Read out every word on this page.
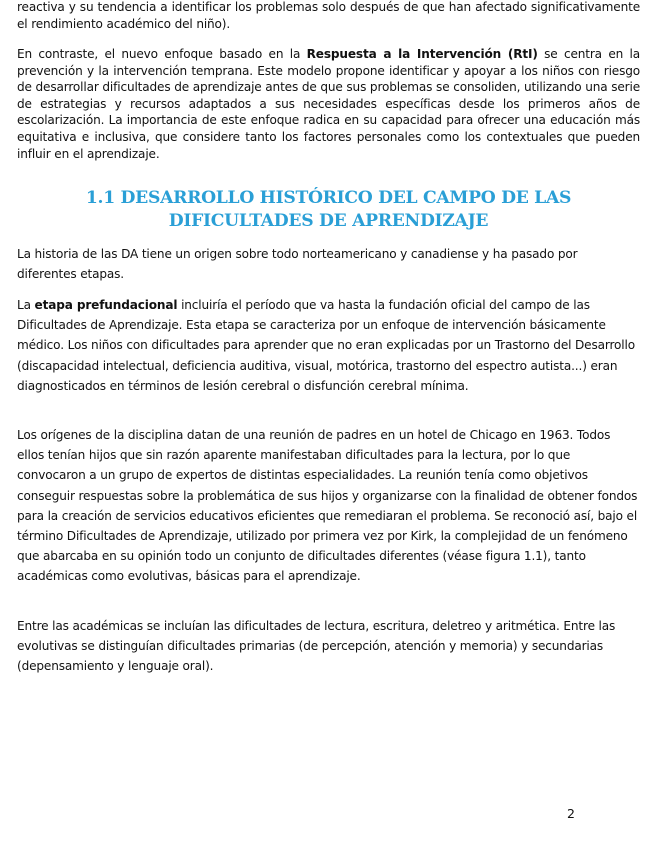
reactiva y su tendencia a identificar los problemas solo después de que han afectado significativamente el rendimiento académico del niño).

En contraste, el nuevo enfoque basado en la Respuesta a la Intervención (RtI) se centra en la prevención y la intervención temprana. Este modelo propone identificar y apoyar a los niños con riesgo de desarrollar dificultades de aprendizaje antes de que sus problemas se consoliden, utilizando una serie de estrategias y recursos adaptados a sus necesidades específicas desde los primeros años de escolarización. La importancia de este enfoque radica en su capacidad para ofrecer una educación más equitativa e inclusiva, que considere tanto los factores personales como los contextuales que pueden influir en el aprendizaje.

1.1 DESARROLLO HISTÓRICO DEL CAMPO DE LAS DIFICULTADES DE APRENDIZAJE

La historia de las DA tiene un origen sobre todo norteamericano y canadiense y ha pasado por diferentes etapas.

La etapa prefundacional incluiría el período que va hasta la fundación oficial del campo de las Dificultades de Aprendizaje. Esta etapa se caracteriza por un enfoque de intervención básicamente médico. Los niños con dificultades para aprender que no eran explicadas por un Trastorno del Desarrollo (discapacidad intelectual, deficiencia auditiva, visual, motórica, trastorno del espectro autista...) eran diagnosticados en términos de lesión cerebral o disfunción cerebral mínima.

Los orígenes de la disciplina datan de una reunión de padres en un hotel de Chicago en 1963. Todos ellos tenían hijos que sin razón aparente manifestaban dificultades para la lectura, por lo que convocaron a un grupo de expertos de distintas especialidades. La reunión tenía como objetivos conseguir respuestas sobre la problemática de sus hijos y organizarse con la finalidad de obtener fondos para la creación de servicios educativos eficientes que remediaran el problema. Se reconoció así, bajo el término Dificultades de Aprendizaje, utilizado por primera vez por Kirk, la complejidad de un fenómeno que abarcaba en su opinión todo un conjunto de dificultades diferentes (véase figura 1.1), tanto académicas como evolutivas, básicas para el aprendizaje.

Entre las académicas se incluían las dificultades de lectura, escritura, deletreo y aritmética. Entre las evolutivas se distinguían dificultades primarias (de percepción, atención y memoria) y secundarias (depensamiento y lenguaje oral).

2
